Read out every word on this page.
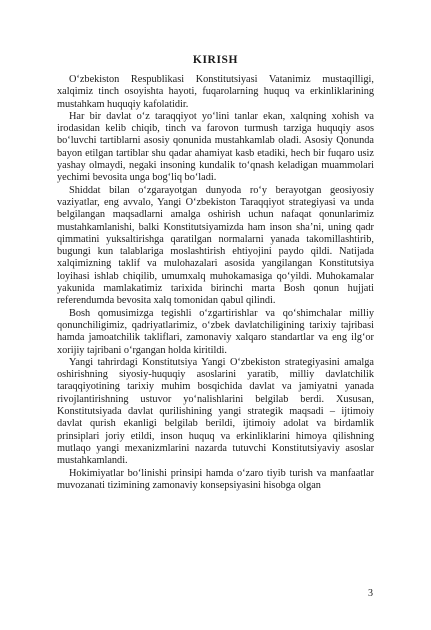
KIRISH

O‘zbekiston Respublikasi Konstitutsiyasi Vatanimiz mustaqilligi, xalqimiz tinch osoyishta hayoti, fuqarolarning huquq va erkinliklarining mustahkam huquqiy kafolatidir.

Har bir davlat o‘z taraqqiyot yo‘lini tanlar ekan, xalqning xohish va irodasidan kelib chiqib, tinch va farovon turmush tarziga huquqiy asos bo‘luvchi tartiblarni asosiy qonunida mustahkamlab oladi. Asosiy Qonunda bayon etilgan tartiblar shu qadar ahamiyat kasb etadiki, hech bir fuqaro usiz yashay olmaydi, negaki insoning kundalik to‘qnash keladigan muammolari yechimi bevosita unga bog‘liq bo‘ladi.

Shiddat bilan o‘zgarayotgan dunyoda ro‘y berayotgan geosiyosiy vaziyatlar, eng avvalo, Yangi O‘zbekiston Taraqqiyot strategiyasi va unda belgilangan maqsadlarni amalga oshirish uchun nafaqat qonunlarimiz mustahkamlanishi, balki Konstitutsiyamizda ham inson sha’ni, uning qadr qimmatini yuksaltirishga qaratilgan normalarni yanada takomillashtirib, bugungi kun talablariga moslashtirish ehtiyojini paydo qildi. Natijada xalqimizning taklif va mulohazalari asosida yangilangan Konstitutsiya loyihasi ishlab chiqilib, umumxalq muhokamasiga qo‘yildi. Muhokamalar yakunida mamlakatimiz tarixida birinchi marta Bosh qonun hujjati referendumda bevosita xalq tomonidan qabul qilindi.

Bosh qomusimizga tegishli o‘zgartirishlar va qo‘shimchalar milliy qonunchiligimiz, qadriyatlarimiz, o‘zbek davlatchiligining tarixiy tajribasi hamda jamoatchilik takliflari, zamonaviy xalqaro standartlar va eng ilg‘or xorijiy tajribani o‘rgangan holda kiritildi.

Yangi tahrirdagi Konstitutsiya Yangi O‘zbekiston strategiyasini amalga oshirishning siyosiy-huquqiy asoslarini yaratib, milliy davlatchilik taraqqiyotining tarixiy muhim bosqichida davlat va jamiyatni yanada rivojlantirishning ustuvor yo‘nalishlarini belgilab berdi. Xususan, Konstitutsiyada davlat qurilishining yangi strategik maqsadi – ijtimoiy davlat qurish ekanligi belgilab berildi, ijtimoiy adolat va birdamlik prinsiplari joriy etildi, inson huquq va erkinliklarini himoya qilishning mutlaqo yangi mexanizmlarini nazarda tutuvchi Konstitutsiyaviy asoslar mustahkamlandi.

Hokimiyatlar bo‘linishi prinsipi hamda o‘zaro tiyib turish va manfaatlar muvozanati tizimining zamonaviy konsepsiyasini hisobga olgan

3
